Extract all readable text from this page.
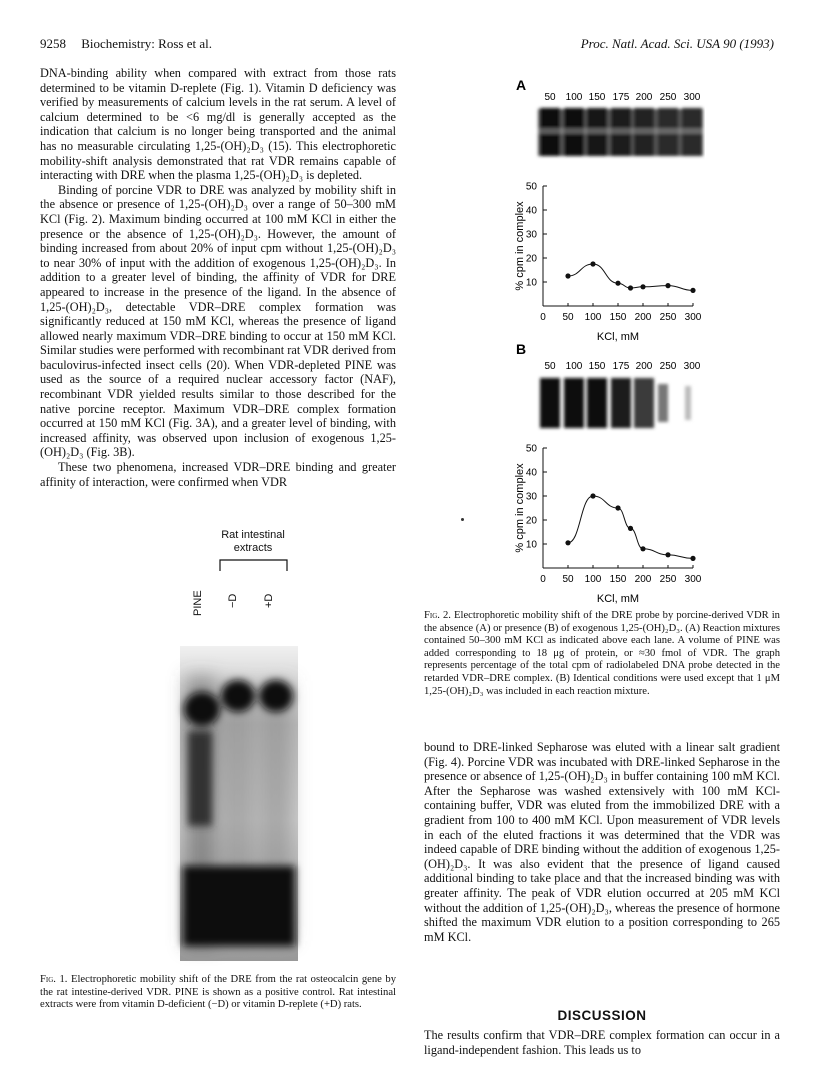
9258 Biochemistry: Ross et al.	Proc. Natl. Acad. Sci. USA 90 (1993)

DNA-binding ability when compared with extract from those rats determined to be vitamin D-replete (Fig. 1). Vitamin D deficiency was verified by measurements of calcium levels in the rat serum. A level of calcium determined to be <6 mg/dl is generally accepted as the indication that calcium is no longer being transported and the animal has no measurable circulating 1,25-(OH)₂D₃ (15). This electrophoretic mobility-shift analysis demonstrated that rat VDR remains capable of interacting with DRE when the plasma 1,25-(OH)₂D₃ is depleted.

Binding of porcine VDR to DRE was analyzed by mobility shift in the absence or presence of 1,25-(OH)₂D₃ over a range of 50–300 mM KCl (Fig. 2). Maximum binding occurred at 100 mM KCl in either the presence or the absence of 1,25-(OH)₂D₃. However, the amount of binding increased from about 20% of input cpm without 1,25-(OH)₂D₃ to near 30% of input with the addition of exogenous 1,25-(OH)₂D₃. In addition to a greater level of binding, the affinity of VDR for DRE appeared to increase in the presence of the ligand. In the absence of 1,25-(OH)₂D₃, detectable VDR–DRE complex formation was significantly reduced at 150 mM KCl, whereas the presence of ligand allowed nearly maximum VDR–DRE binding to occur at 150 mM KCl. Similar studies were performed with recombinant rat VDR derived from baculovirus-infected insect cells (20). When VDR-depleted PINE was used as the source of a required nuclear accessory factor (NAF), recombinant VDR yielded results similar to those described for the native porcine receptor. Maximum VDR–DRE complex formation occurred at 150 mM KCl (Fig. 3A), and a greater level of binding, with increased affinity, was observed upon inclusion of exogenous 1,25-(OH)₂D₃ (Fig. 3B).

These two phenomena, increased VDR–DRE binding and greater affinity of interaction, were confirmed when VDR

Rat intestinal
extracts
PINE −D +D
Fig. 1. Electrophoretic mobility shift of the DRE from the rat osteocalcin gene by the rat intestine-derived VDR. PINE is shown as a positive control. Rat intestinal extracts were from vitamin D-deficient (−D) or vitamin D-replete (+D) rats.
A
50 100 150 175 200 250 300
10
20
30
40
50
0 50 100 150 200 250 300
KCl, mM
% cpm in complex
B
50 100 150 175 200 250 300
10
20
30
40
50
0 50 100 150 200 250 300
KCl, mM
% cpm in complex
Fig. 2. Electrophoretic mobility shift of the DRE probe by porcine-derived VDR in the absence (A) or presence (B) of exogenous 1,25-(OH)₂D₃. (A) Reaction mixtures contained 50–300 mM KCl as indicated above each lane. A volume of PINE was added corresponding to 18 μg of protein, or ≈30 fmol of VDR. The graph represents percentage of the total cpm of radiolabeled DNA probe detected in the retarded VDR–DRE complex. (B) Identical conditions were used except that 1 μM 1,25-(OH)₂D₃ was included in each reaction mixture.

bound to DRE-linked Sepharose was eluted with a linear salt gradient (Fig. 4). Porcine VDR was incubated with DRE-linked Sepharose in the presence or absence of 1,25-(OH)₂D₃ in buffer containing 100 mM KCl. After the Sepharose was washed extensively with 100 mM KCl-containing buffer, VDR was eluted from the immobilized DRE with a gradient from 100 to 400 mM KCl. Upon measurement of VDR levels in each of the eluted fractions it was determined that the VDR was indeed capable of DRE binding without the addition of exogenous 1,25-(OH)₂D₃. It was also evident that the presence of ligand caused additional binding to take place and that the increased binding was with greater affinity. The peak of VDR elution occurred at 205 mM KCl without the addition of 1,25-(OH)₂D₃, whereas the presence of hormone shifted the maximum VDR elution to a position corresponding to 265 mM KCl.

DISCUSSION
The results confirm that VDR–DRE complex formation can occur in a ligand-independent fashion. This leads us to
